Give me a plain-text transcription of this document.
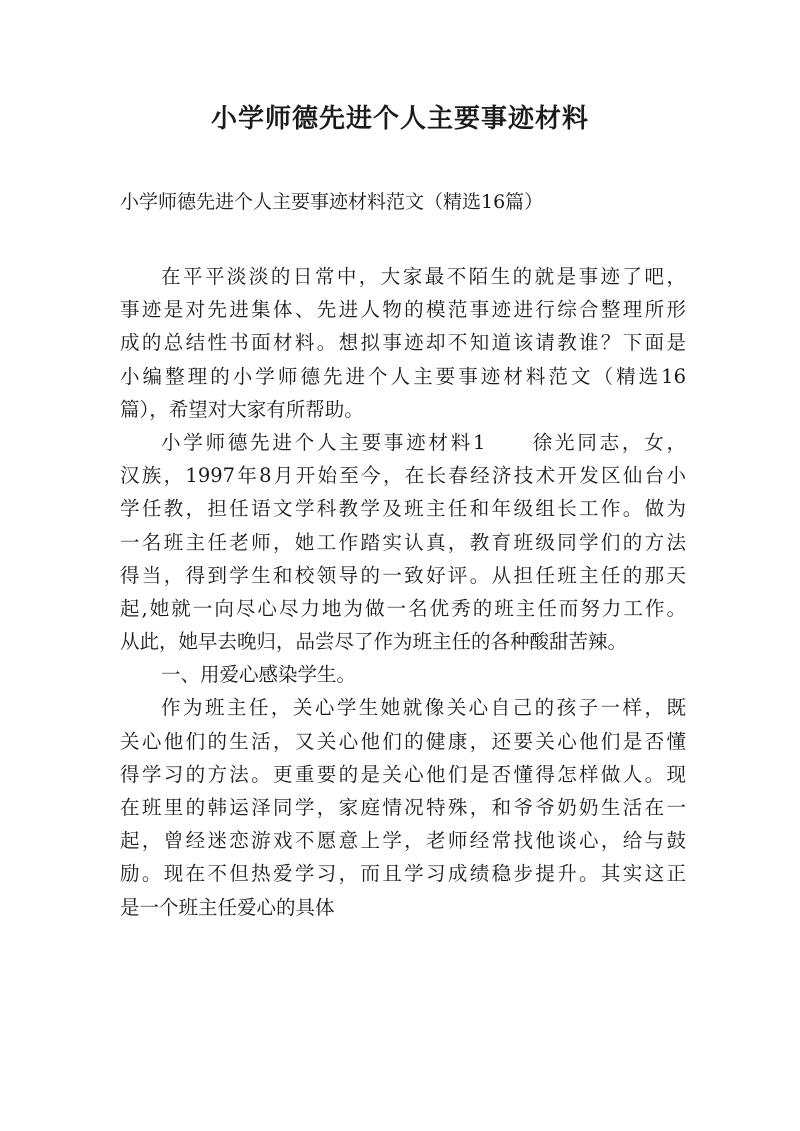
小学师德先进个人主要事迹材料

小学师德先进个人主要事迹材料范文（精选16篇）

在平平淡淡的日常中，大家最不陌生的就是事迹了吧，
事迹是对先进集体、先进人物的模范事迹进行综合整理所形
成的总结性书面材料。想拟事迹却不知道该请教谁？下面是
小编整理的小学师德先进个人主要事迹材料范文（精选16
篇），希望对大家有所帮助。
小学师德先进个人主要事迹材料1　　徐光同志，女，
汉族，1997年8月开始至今，在长春经济技术开发区仙台小
学任教，担任语文学科教学及班主任和年级组长工作。做为
一名班主任老师，她工作踏实认真，教育班级同学们的方法
得当，得到学生和校领导的一致好评。从担任班主任的那天
起,她就一向尽心尽力地为做一名优秀的班主任而努力工作。
从此，她早去晚归，品尝尽了作为班主任的各种酸甜苦辣。
一、用爱心感染学生。
作为班主任，关心学生她就像关心自己的孩子一样，既
关心他们的生活，又关心他们的健康，还要关心他们是否懂
得学习的方法。更重要的是关心他们是否懂得怎样做人。现
在班里的韩运泽同学，家庭情况特殊，和爷爷奶奶生活在一
起，曾经迷恋游戏不愿意上学，老师经常找他谈心，给与鼓
励。现在不但热爱学习，而且学习成绩稳步提升。其实这正
是一个班主任爱心的具体
